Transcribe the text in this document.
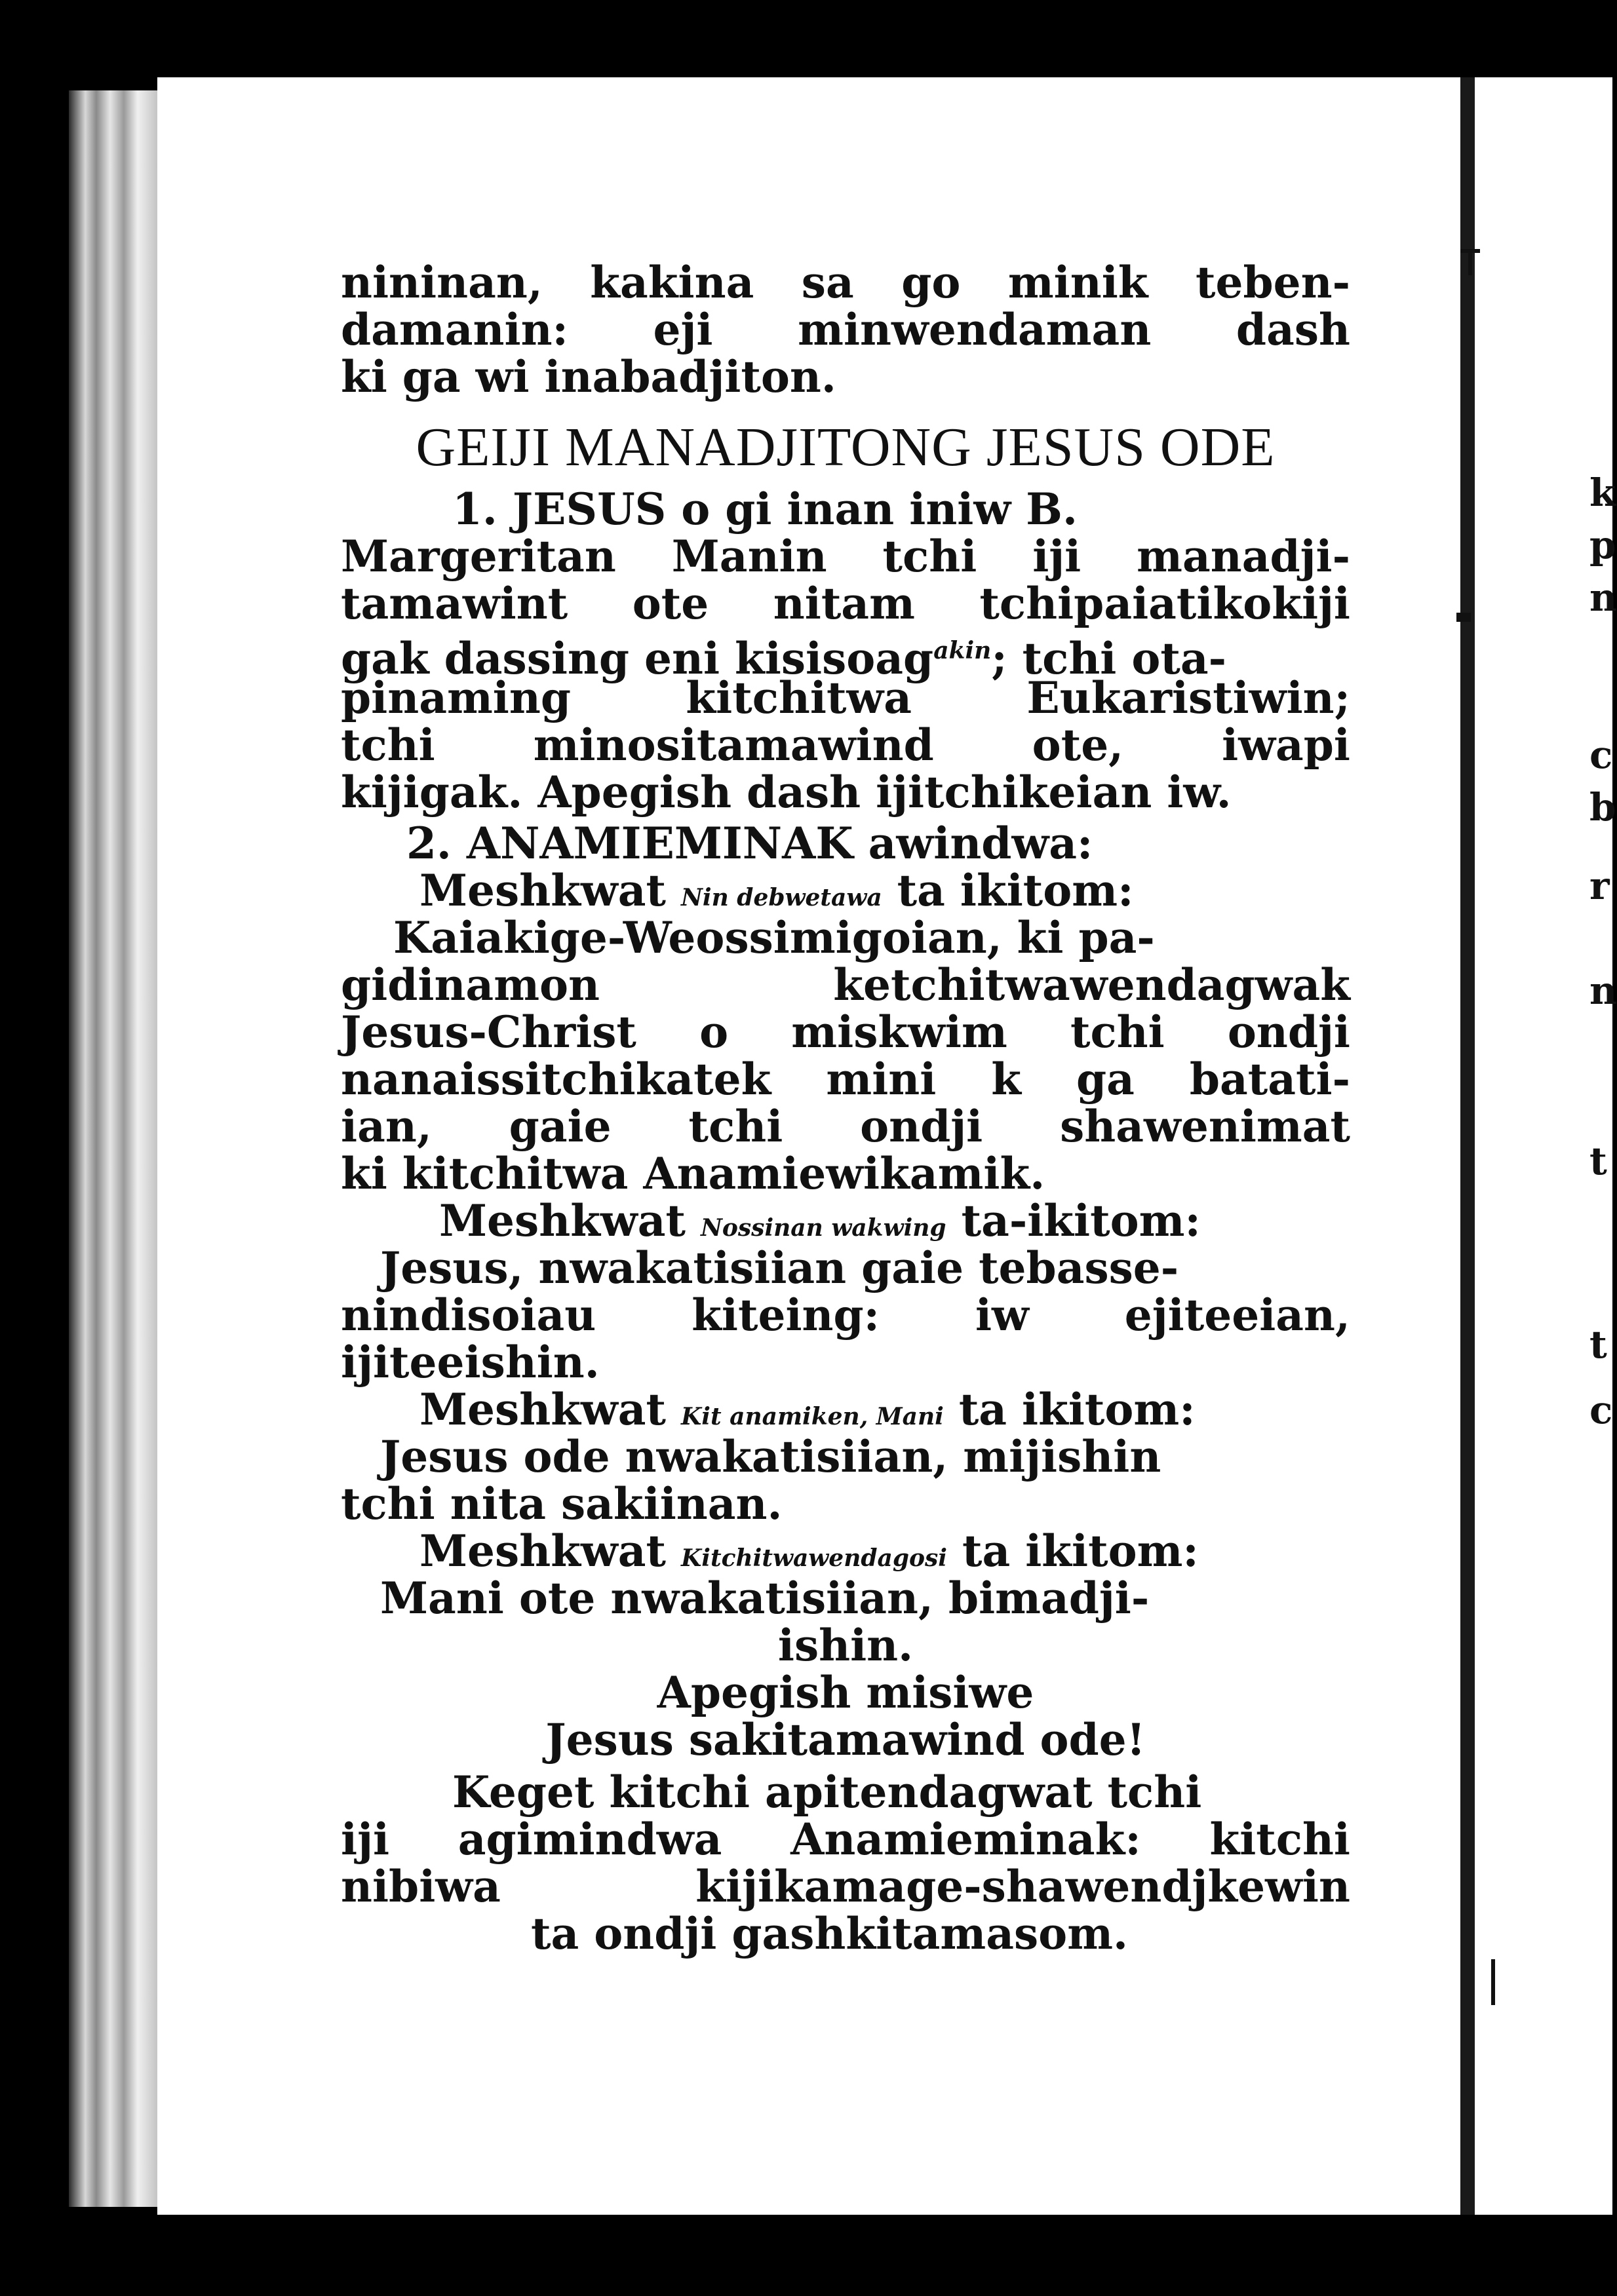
k
p
n
c
b
r
n
t
t
c
nininan, kakina sa go minik teben-
damanin: eji minwendaman dash
ki ga wi inabadjiton.
GEIJI MANADJITONG JESUS ODE
1. JESUS o gi inan iniw B.
Margeritan Manin tchi iji manadji-
tamawint ote nitam tchipaiatikokiji
gak dassing eni kisisoag$^{akin}$; tchi ota-
pinaming kitchitwa Eukaristiwin;
tchi minositamawind ote, iwapi
kijigak. Apegish dash ijitchikeian iw.
2. ANAMIEMINAK awindwa:
Meshkwat Nin debwetawa ta ikitom:
Kaiakige-Weossimigoian, ki pa-
gidinamon ketchitwawendagwak
Jesus-Christ o miskwim tchi ondji
nanaissitchikatek mini k ga batati-
ian, gaie tchi ondji shawenimat
ki kitchitwa Anamiewikamik.
Meshkwat Nossinan wakwing ta-ikitom:
Jesus, nwakatisiian gaie tebasse-
nindisoiau kiteing: iw ejiteeian,
ijiteeishin.
Meshkwat Kit anamiken, Mani ta ikitom:
Jesus ode nwakatisiian, mijishin
tchi nita sakiinan.
Meshkwat Kitchitwawendagosi ta ikitom:
Mani ote nwakatisiian, bimadji-
ishin.
Apegish misiwe
Jesus sakitamawind ode!
Keget kitchi apitendagwat tchi
iji agimindwa Anamieminak: kitchi
nibiwa kijikamage-shawendjkewin
ta ondji gashkitamasom.
